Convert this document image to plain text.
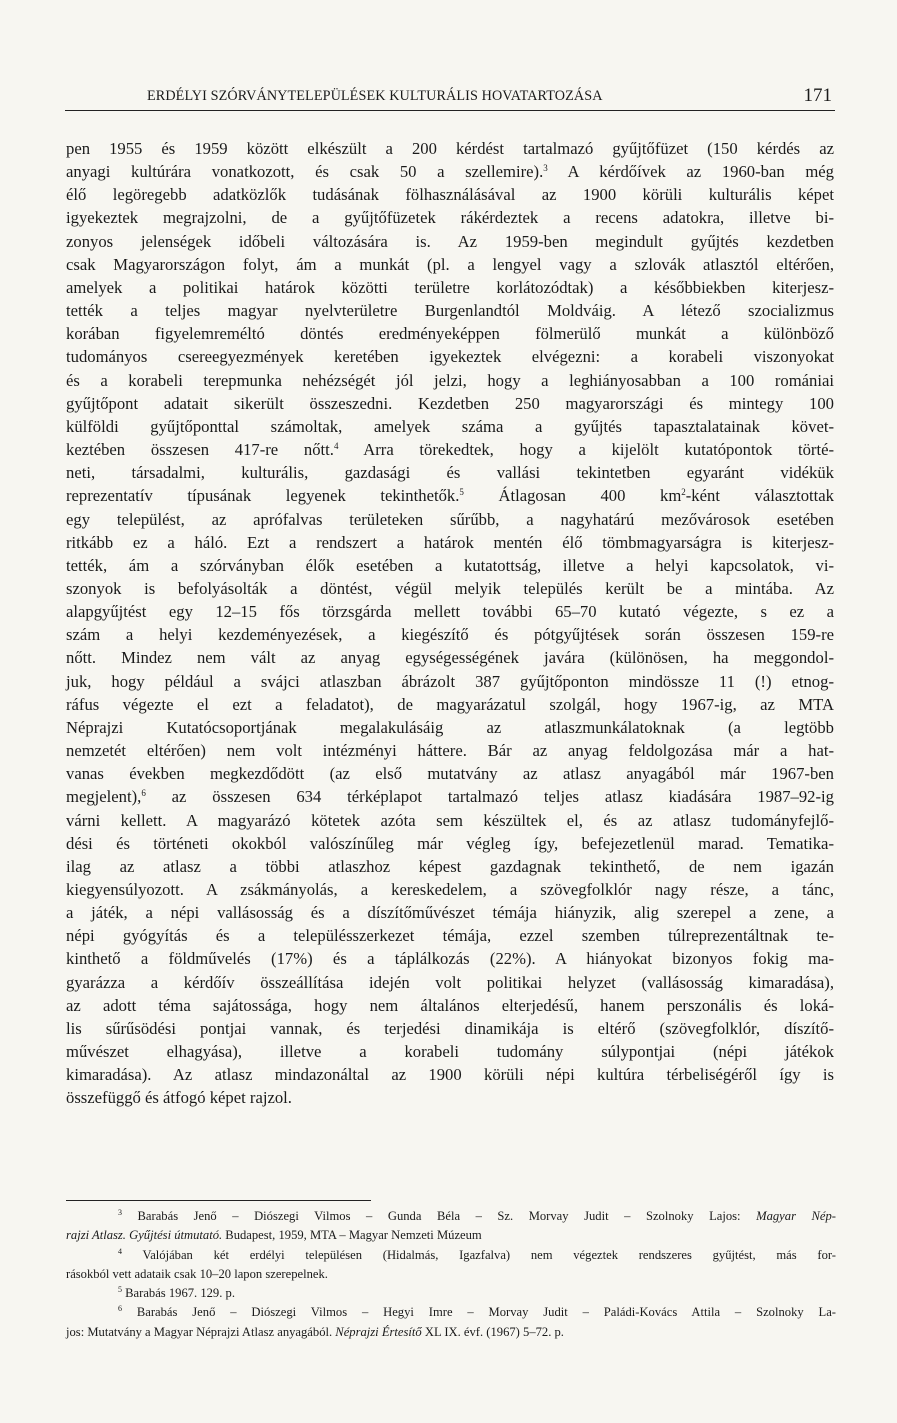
ERDÉLYI SZÓRVÁNYTELEPÜLÉSEK KULTURÁLIS HOVATARTOZÁSA	171
pen 1955 és 1959 között elkészült a 200 kérdést tartalmazó gyűjtőfüzet (150 kérdés az
anyagi kultúrára vonatkozott, és csak 50 a szellemire).$^3$ A kérdőívek az 1960-ban még
élő legöregebb adatközlők tudásának fölhasználásával az 1900 körüli kulturális képet
igyekeztek megrajzolni, de a gyűjtőfüzetek rákérdeztek a recens adatokra, illetve bi-
zonyos jelenségek időbeli változására is. Az 1959-ben megindult gyűjtés kezdetben
csak Magyarországon folyt, ám a munkát (pl. a lengyel vagy a szlovák atlasztól eltérően,
amelyek a politikai határok közötti területre korlátozódtak) a későbbiekben kiterjesz-
tették a teljes magyar nyelvterületre Burgenlandtól Moldváig. A létező szocializmus
korában figyelemreméltó döntés eredményeképpen fölmerülő munkát a különböző
tudományos csereegyezmények keretében igyekeztek elvégezni: a korabeli viszonyokat
és a korabeli terepmunka nehézségét jól jelzi, hogy a leghiányosabban a 100 romániai
gyűjtőpont adatait sikerült összeszedni. Kezdetben 250 magyarországi és mintegy 100
külföldi gyűjtőponttal számoltak, amelyek száma a gyűjtés tapasztalatainak követ-
keztében összesen 417-re nőtt.$^4$ Arra törekedtek, hogy a kijelölt kutatópontok törté-
neti, társadalmi, kulturális, gazdasági és vallási tekintetben egyaránt vidékük
reprezentatív típusának legyenek tekinthetők.$^5$ Átlagosan 400 $km^2$-ként választottak
egy települést, az aprófalvas területeken sűrűbb, a nagyhatárú mezővárosok esetében
ritkább ez a háló. Ezt a rendszert a határok mentén élő tömbmagyarságra is kiterjesz-
tették, ám a szórványban élők esetében a kutatottság, illetve a helyi kapcsolatok, vi-
szonyok is befolyásolták a döntést, végül melyik település került be a mintába. Az
alapgyűjtést egy 12–15 fős törzsgárda mellett további 65–70 kutató végezte, s ez a
szám a helyi kezdeményezések, a kiegészítő és pótgyűjtések során összesen 159-re
nőtt. Mindez nem vált az anyag egységességének javára (különösen, ha meggondol-
juk, hogy például a svájci atlaszban ábrázolt 387 gyűjtőponton mindössze 11 (!) etnog-
ráfus végezte el ezt a feladatot), de magyarázatul szolgál, hogy 1967-ig, az MTA
Néprajzi Kutatócsoportjának megalakulásáig az atlaszmunkálatoknak (a legtöbb
nemzetét eltérően) nem volt intézményi háttere. Bár az anyag feldolgozása már a hat-
vanas években megkezdődött (az első mutatvány az atlasz anyagából már 1967-ben
megjelent),$^6$ az összesen 634 térképlapot tartalmazó teljes atlasz kiadására 1987–92-ig
várni kellett. A magyarázó kötetek azóta sem készültek el, és az atlasz tudományfejlő-
dési és történeti okokból valószínűleg már végleg így, befejezetlenül marad. Tematika-
ilag az atlasz a többi atlaszhoz képest gazdagnak tekinthető, de nem igazán
kiegyensúlyozott. A zsákmányolás, a kereskedelem, a szövegfolklór nagy része, a tánc,
a játék, a népi vallásosság és a díszítőművészet témája hiányzik, alig szerepel a zene, a
népi gyógyítás és a településszerkezet témája, ezzel szemben túlreprezentáltnak te-
kinthető a földművelés (17%) és a táplálkozás (22%). A hiányokat bizonyos fokig ma-
gyarázza a kérdőív összeállítása idején volt politikai helyzet (vallásosság kimaradása),
az adott téma sajátossága, hogy nem általános elterjedésű, hanem perszonális és loká-
lis sűrűsödési pontjai vannak, és terjedési dinamikája is eltérő (szövegfolklór, díszítő-
művészet elhagyása), illetve a korabeli tudomány súlypontjai (népi játékok
kimaradása). Az atlasz mindazonáltal az 1900 körüli népi kultúra térbeliségéről így is
összefüggő és átfogó képet rajzol.
$^3$ Barabás Jenő – Diószegi Vilmos – Gunda Béla – Sz. Morvay Judit – Szolnoky Lajos: Magyar Nép-
rajzi Atlasz. Gyűjtési útmutató. Budapest, 1959, MTA – Magyar Nemzeti Múzeum
$^4$ Valójában két erdélyi településen (Hidalmás, Igazfalva) nem végeztek rendszeres gyűjtést, más for-
rásokból vett adataik csak 10–20 lapon szerepelnek.
$^5$ Barabás 1967. 129. p.
$^6$ Barabás Jenő – Diószegi Vilmos – Hegyi Imre – Morvay Judit – Paládi-Kovács Attila – Szolnoky La-
jos: Mutatvány a Magyar Néprajzi Atlasz anyagából. Néprajzi Értesítő XL IX. évf. (1967) 5–72. p.
